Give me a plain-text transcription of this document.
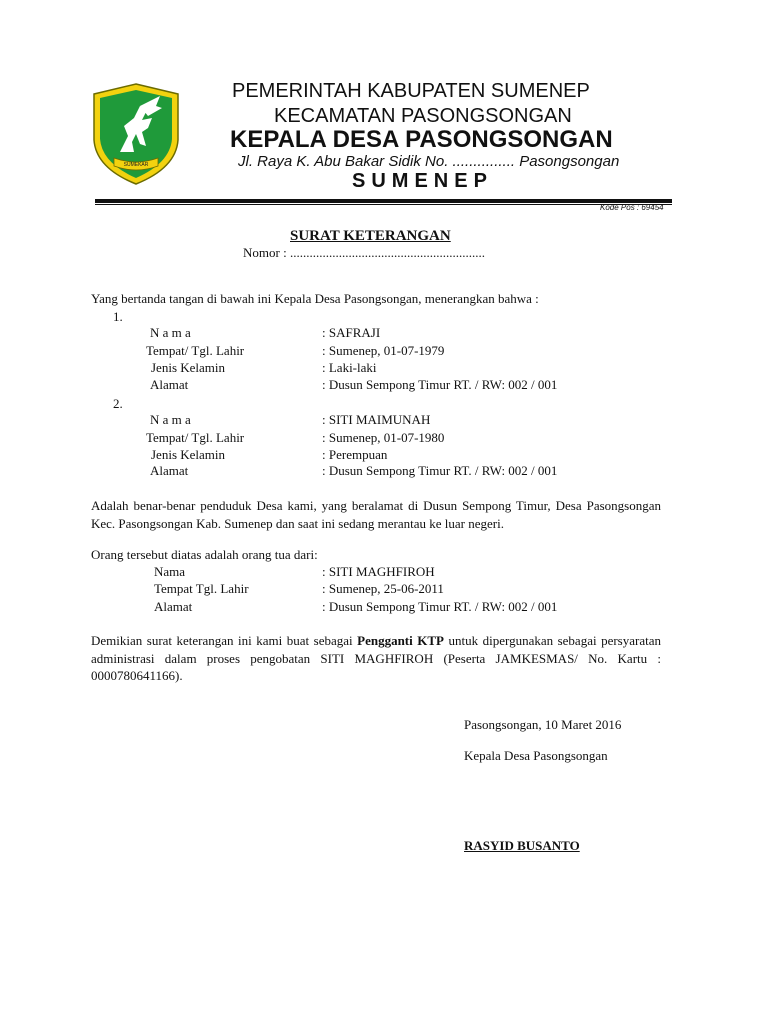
SUMEKAR
PEMERINTAH KABUPATEN SUMENEP
KECAMATAN PASONGSONGAN
KEPALA DESA PASONGSONGAN
Jl. Raya K. Abu Bakar Sidik No. ............... Pasongsongan
SUMENEP
Kode Pos : 69454
SURAT KETERANGAN
Nomor : ............................................................
Yang bertanda tangan di bawah ini Kepala Desa Pasongsongan, menerangkan bahwa :
1.
N a m a	: SAFRAJI
Tempat/ Tgl. Lahir	: Sumenep, 01-07-1979
Jenis Kelamin	: Laki-laki
Alamat	: Dusun Sempong Timur RT. / RW: 002 / 001
2.
N a m a	: SITI MAIMUNAH
Tempat/ Tgl. Lahir	: Sumenep, 01-07-1980
Jenis Kelamin	: Perempuan
Alamat	: Dusun Sempong Timur RT. / RW: 002 / 001
Adalah benar-benar penduduk Desa kami, yang beralamat di Dusun Sempong Timur, Desa Pasongsongan Kec. Pasongsongan Kab. Sumenep dan saat ini sedang merantau ke luar negeri.
Orang tersebut diatas adalah orang tua dari:
Nama	: SITI MAGHFIROH
Tempat Tgl. Lahir	: Sumenep, 25-06-2011
Alamat	: Dusun Sempong Timur RT. / RW: 002 / 001
Demikian surat keterangan ini kami buat sebagai Pengganti KTP untuk dipergunakan sebagai persyaratan administrasi dalam proses pengobatan SITI MAGHFIROH (Peserta JAMKESMAS/ No. Kartu : 0000780641166).
Pasongsongan, 10 Maret 2016
Kepala Desa Pasongsongan
RASYID BUSANTO
